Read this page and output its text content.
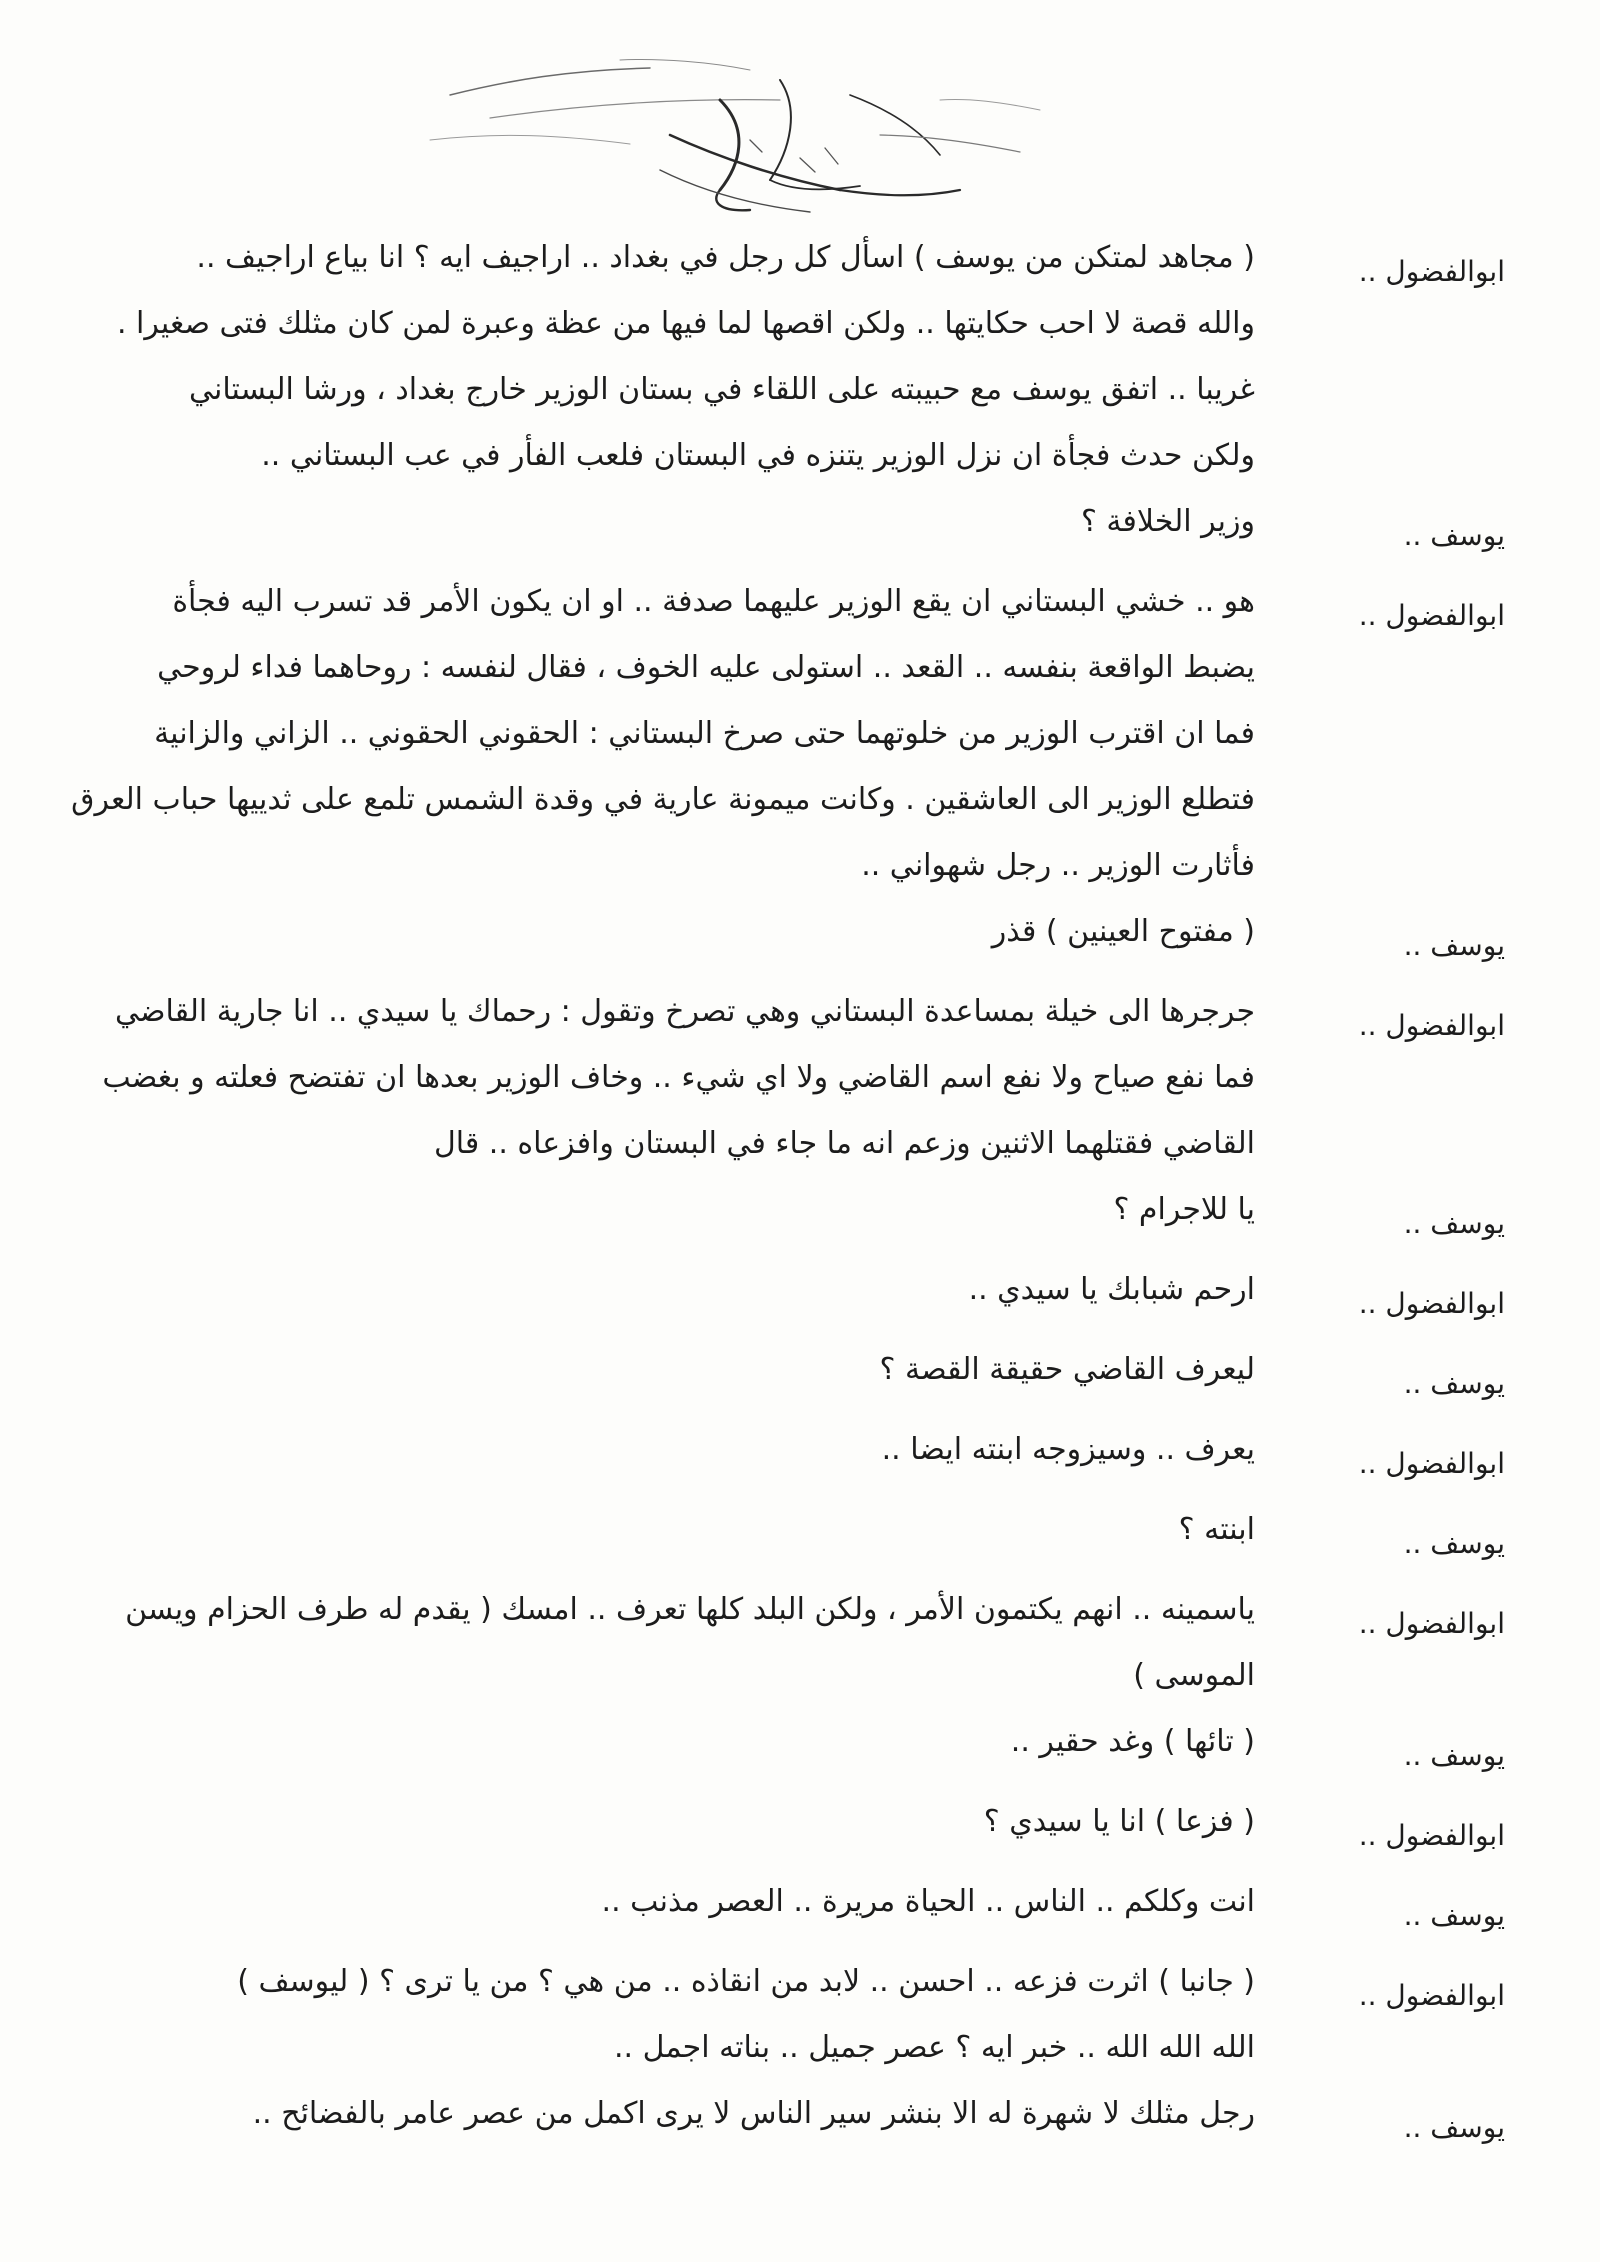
ابوالفضول ..
( مجاهد لمتكن من يوسف ) اسأل كل رجل في بغداد .. اراجيف ايه ؟ انا بياع اراجيف ..
والله قصة لا احب حكايتها .. ولكن اقصها لما فيها من عظة وعبرة لمن كان مثلك فتى صغيرا .
غريبا .. اتفق يوسف مع حبيبته على اللقاء في بستان الوزير خارج بغداد ، ورشا البستاني
ولكن حدث فجأة ان نزل الوزير يتنزه في البستان فلعب الفأر في عب البستاني ..
يوسف ..
وزير الخلافة ؟
ابوالفضول ..
هو .. خشي البستاني ان يقع الوزير عليهما صدفة .. او ان يكون الأمر قد تسرب اليه فجأة
يضبط الواقعة بنفسه .. القعد .. استولى عليه الخوف ، فقال لنفسه : روحاهما فداء لروحي
فما ان اقترب الوزير من خلوتهما حتى صرخ البستاني : الحقوني الحقوني .. الزاني والزانية
فتطلع الوزير الى العاشقين . وكانت ميمونة عارية في وقدة الشمس تلمع على ثدييها حباب العرق
فأثارت الوزير .. رجل شهواني ..
يوسف ..
( مفتوح العينين ) قذر
ابوالفضول ..
جرجرها الى خيلة بمساعدة البستاني وهي تصرخ وتقول : رحماك يا سيدي .. انا جارية القاضي
فما نفع صياح ولا نفع اسم القاضي ولا اي شيء .. وخاف الوزير بعدها ان تفتضح فعلته و بغضب
القاضي فقتلهما الاثنين وزعم انه ما جاء في البستان وافزعاه .. قال
يوسف ..
يا للاجرام ؟
ابوالفضول ..
ارحم شبابك يا سيدي ..
يوسف ..
ليعرف القاضي حقيقة القصة ؟
ابوالفضول ..
يعرف .. وسيزوجه ابنته ايضا ..
يوسف ..
ابنته ؟
ابوالفضول ..
ياسمينه .. انهم يكتمون الأمر ، ولكن البلد كلها تعرف .. امسك ( يقدم له طرف الحزام ويسن
الموسى )
يوسف ..
( تائها ) وغد حقير ..
ابوالفضول ..
( فزعا ) انا يا سيدي ؟
يوسف ..
انت وكلكم .. الناس .. الحياة مريرة .. العصر مذنب ..
ابوالفضول ..
( جانبا ) اثرت فزعه .. احسن .. لابد من انقاذه .. من هي ؟ من يا ترى ؟ ( ليوسف )
الله الله الله .. خبر ايه ؟ عصر جميل .. بناته اجمل ..
يوسف ..
رجل مثلك لا شهرة له الا بنشر سير الناس لا يرى اكمل من عصر عامر بالفضائح ..
